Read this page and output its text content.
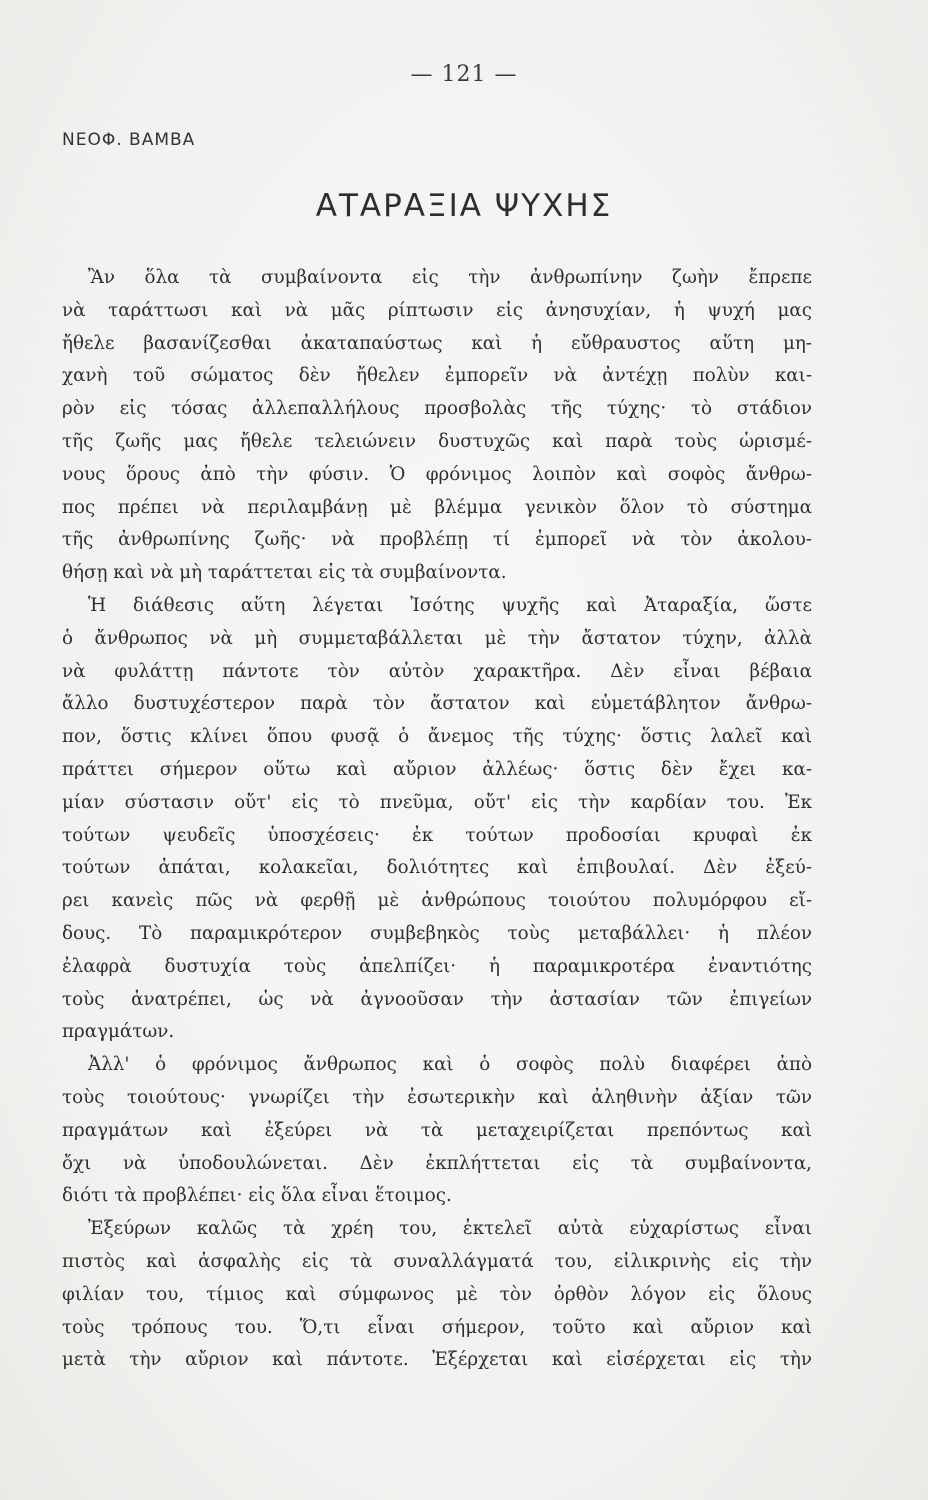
— 121 —
ΝΕΟΦ. ΒΑΜΒΑ
ΑΤΑΡΑΞΙΑ ΨΥΧΗΣ
Ἂν ὅλα τὰ συμβαίνοντα εἰς τὴν ἀνθρωπίνην ζωὴν ἔπρεπε
νὰ ταράττωσι καὶ νὰ μᾶς ρίπτωσιν εἰς ἀνησυχίαν, ἡ ψυχή μας
ἤθελε βασανίζεσθαι ἀκαταπαύστως καὶ ἡ εὔθραυστος αὕτη μη-
χανὴ τοῦ σώματος δὲν ἤθελεν ἐμπορεῖν νὰ ἀντέχῃ πολὺν και-
ρὸν εἰς τόσας ἀλλεπαλλήλους προσβολὰς τῆς τύχης· τὸ στάδιον
τῆς ζωῆς μας ἤθελε τελειώνειν δυστυχῶς καὶ παρὰ τοὺς ὡρισμέ-
νους ὅρους ἀπὸ τὴν φύσιν. Ὁ φρόνιμος λοιπὸν καὶ σοφὸς ἄνθρω-
πος πρέπει νὰ περιλαμβάνῃ μὲ βλέμμα γενικὸν ὅλον τὸ σύστημα
τῆς ἀνθρωπίνης ζωῆς· νὰ προβλέπῃ τί ἐμπορεῖ νὰ τὸν ἀκολου-
θήσῃ καὶ νὰ μὴ ταράττεται εἰς τὰ συμβαίνοντα.
Ἡ διάθεσις αὕτη λέγεται Ἰσότης ψυχῆς καὶ Ἀταραξία, ὥστε
ὁ ἄνθρωπος νὰ μὴ συμμεταβάλλεται μὲ τὴν ἄστατον τύχην, ἀλλὰ
νὰ φυλάττῃ πάντοτε τὸν αὐτὸν χαρακτῆρα. Δὲν εἶναι βέβαια
ἄλλο δυστυχέστερον παρὰ τὸν ἄστατον καὶ εὐμετάβλητον ἄνθρω-
πον, ὅστις κλίνει ὅπου φυσᾷ ὁ ἄνεμος τῆς τύχης· ὅστις λαλεῖ καὶ
πράττει σήμερον οὕτω καὶ αὔριον ἀλλέως· ὅστις δὲν ἔχει κα-
μίαν σύστασιν οὔτ' εἰς τὸ πνεῦμα, οὔτ' εἰς τὴν καρδίαν του. Ἐκ
τούτων ψευδεῖς ὑποσχέσεις· ἐκ τούτων προδοσίαι κρυφαὶ ἐκ
τούτων ἀπάται, κολακεῖαι, δολιότητες καὶ ἐπιβουλαί. Δὲν ἐξεύ-
ρει κανεὶς πῶς νὰ φερθῇ μὲ ἀνθρώπους τοιούτου πολυμόρφου εἴ-
δους. Τὸ παραμικρότερον συμβεβηκὸς τοὺς μεταβάλλει· ἡ πλέον
ἐλαφρὰ δυστυχία τοὺς ἀπελπίζει· ἡ παραμικροτέρα ἐναντιότης
τοὺς ἀνατρέπει, ὡς νὰ ἀγνοοῦσαν τὴν ἀστασίαν τῶν ἐπιγείων
πραγμάτων.
Ἀλλ' ὁ φρόνιμος ἄνθρωπος καὶ ὁ σοφὸς πολὺ διαφέρει ἀπὸ
τοὺς τοιούτους· γνωρίζει τὴν ἐσωτερικὴν καὶ ἀληθινὴν ἀξίαν τῶν
πραγμάτων καὶ ἐξεύρει νὰ τὰ μεταχειρίζεται πρεπόντως καὶ
ὄχι νὰ ὑποδουλώνεται. Δὲν ἐκπλήττεται εἰς τὰ συμβαίνοντα,
διότι τὰ προβλέπει· εἰς ὅλα εἶναι ἕτοιμος.
Ἐξεύρων καλῶς τὰ χρέη του, ἐκτελεῖ αὐτὰ εὐχαρίστως εἶναι
πιστὸς καὶ ἀσφαλὴς εἰς τὰ συναλλάγματά του, εἰλικρινὴς εἰς τὴν
φιλίαν του, τίμιος καὶ σύμφωνος μὲ τὸν ὀρθὸν λόγον εἰς ὅλους
τοὺς τρόπους του. Ὅ,τι εἶναι σήμερον, τοῦτο καὶ αὔριον καὶ
μετὰ τὴν αὔριον καὶ πάντοτε. Ἐξέρχεται καὶ εἰσέρχεται εἰς τὴν
